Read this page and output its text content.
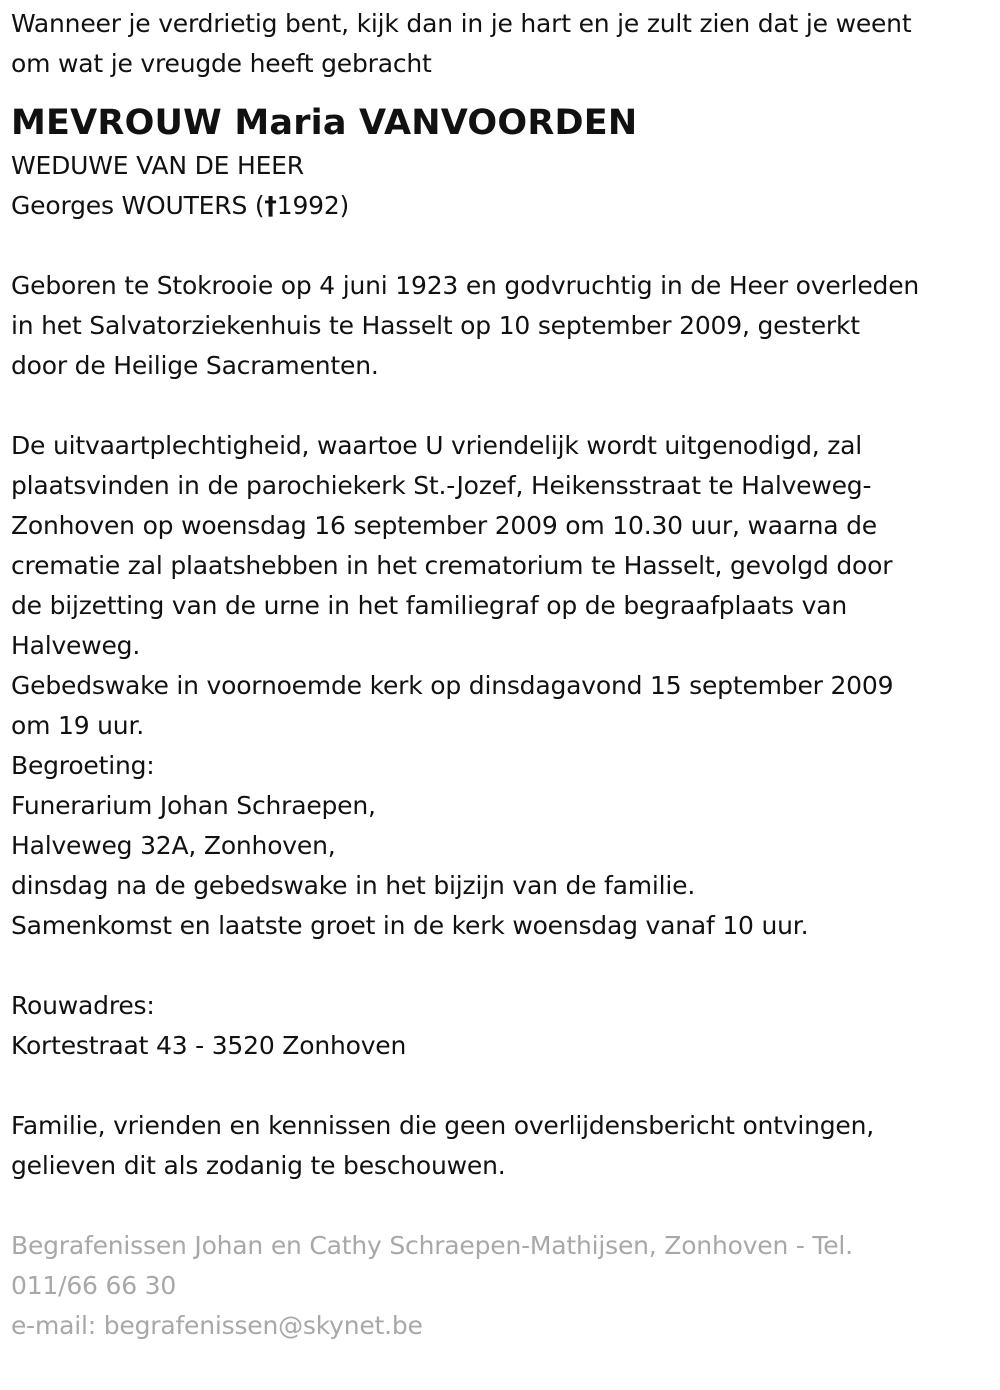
Wanneer je verdrietig bent, kijk dan in je hart en je zult zien dat je weent
om wat je vreugde heeft gebracht
MEVROUW Maria VANVOORDEN
WEDUWE VAN DE HEER
Georges WOUTERS (†1992)
Geboren te Stokrooie op 4 juni 1923 en godvruchtig in de Heer overleden
in het Salvatorziekenhuis te Hasselt op 10 september 2009, gesterkt
door de Heilige Sacramenten.
De uitvaartplechtigheid, waartoe U vriendelijk wordt uitgenodigd, zal
plaatsvinden in de parochiekerk St.-Jozef, Heikensstraat te Halveweg-
Zonhoven op woensdag 16 september 2009 om 10.30 uur, waarna de
crematie zal plaatshebben in het crematorium te Hasselt, gevolgd door
de bijzetting van de urne in het familiegraf op de begraafplaats van
Halveweg.
Gebedswake in voornoemde kerk op dinsdagavond 15 september 2009
om 19 uur.
Begroeting:
Funerarium Johan Schraepen,
Halveweg 32A, Zonhoven,
dinsdag na de gebedswake in het bijzijn van de familie.
Samenkomst en laatste groet in de kerk woensdag vanaf 10 uur.
Rouwadres:
Kortestraat 43 - 3520 Zonhoven
Familie, vrienden en kennissen die geen overlijdensbericht ontvingen,
gelieven dit als zodanig te beschouwen.
Begrafenissen Johan en Cathy Schraepen-Mathijsen, Zonhoven - Tel.
011/66 66 30
e-mail: begrafenissen@skynet.be
